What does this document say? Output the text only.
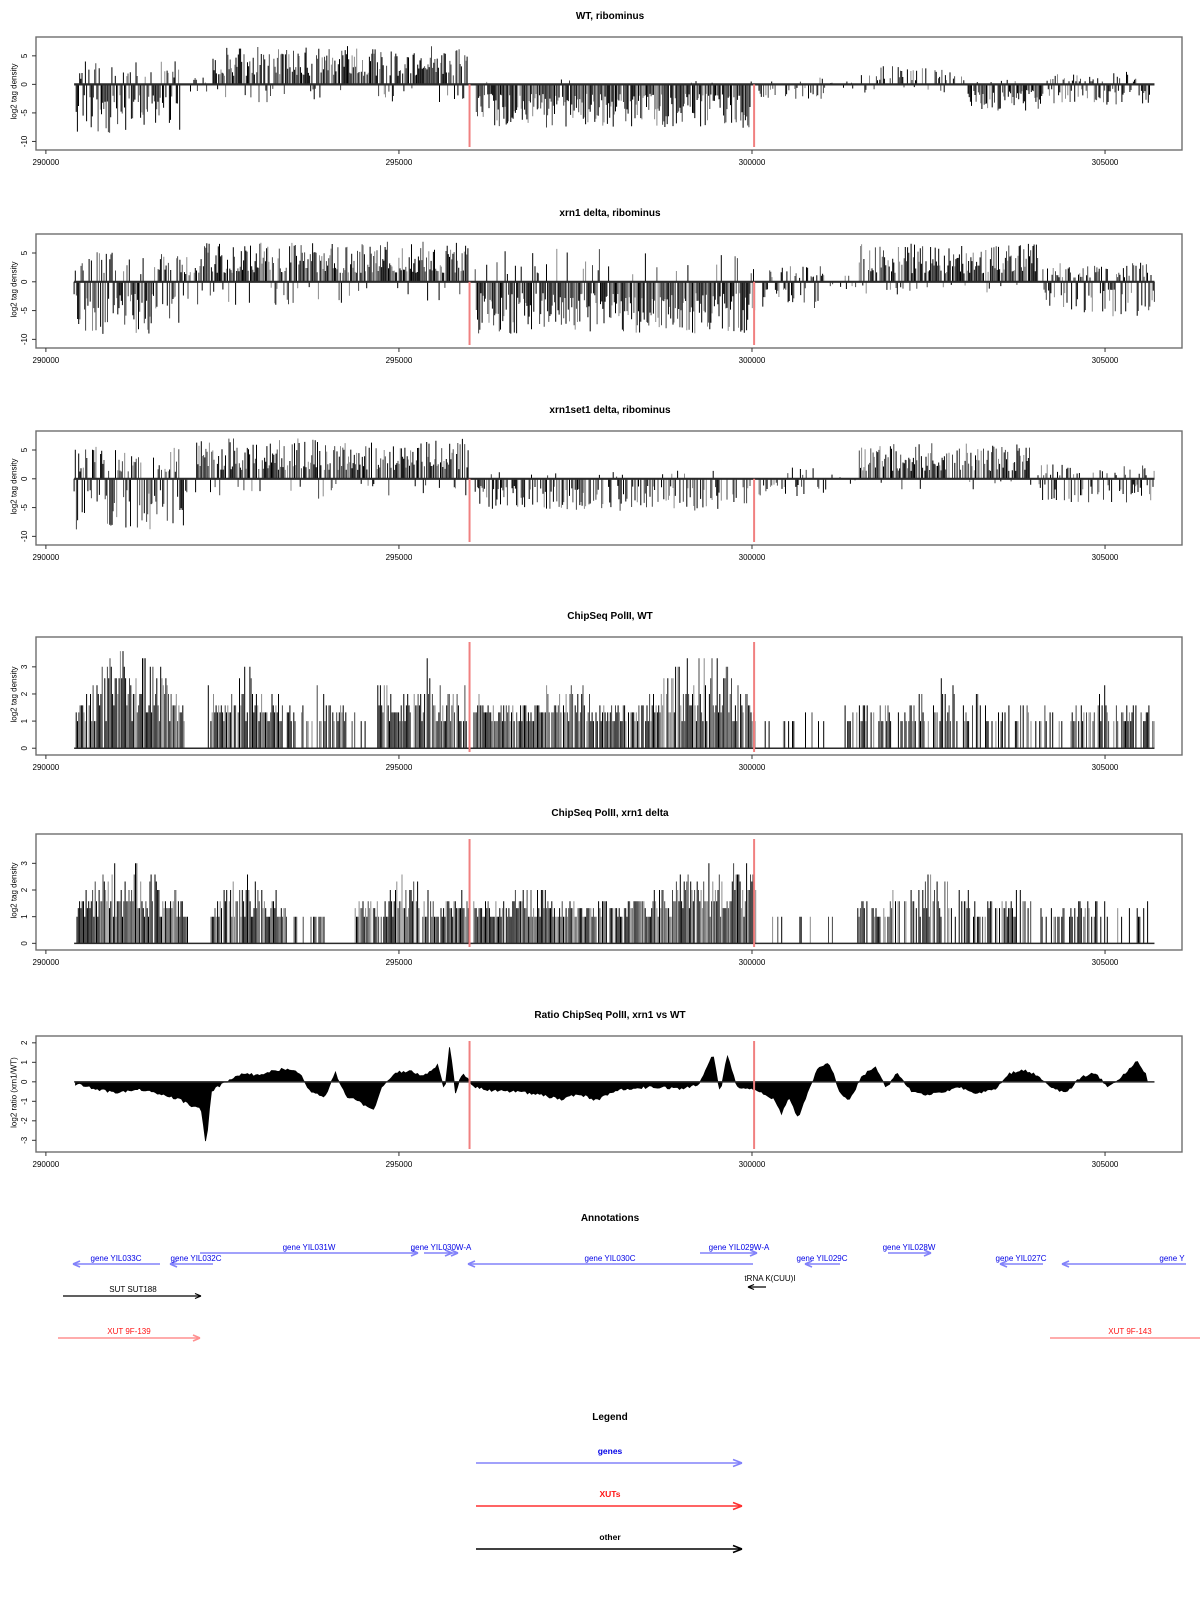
290000	295000	300000	305000
5
0
-5
-10
290000	295000	300000	305000
5
0
-5
-10
290000	295000	300000	305000
5
0
-5
-10
290000	295000	300000	305000
0
1
2
3
290000	295000	300000	305000
0
1
2
3
290000	295000	300000	305000
2
1
0
-1
-2
-3
WT, ribominus
xrn1 delta, ribominus
xrn1set1 delta, ribominus
ChipSeq PolII, WT
ChipSeq PolII, xrn1 delta
Ratio ChipSeq PolII, xrn1 vs WT
log2 tag density
log2 tag density
log2 tag density
log2 tag density
log2 tag density
log2 ratio (xrn1/WT)
Annotations
Legend
genes
XUTs
other
gene YIL031W	gene YIL030W-A	gene YIL029W-A	gene YIL028W
gene YIL033C	gene YIL032C	gene YIL030C	gene YIL029C	gene YIL027C	gene Y
tRNA K(CUU)I
SUT SUT188
XUT 9F-139	XUT 9F-143
